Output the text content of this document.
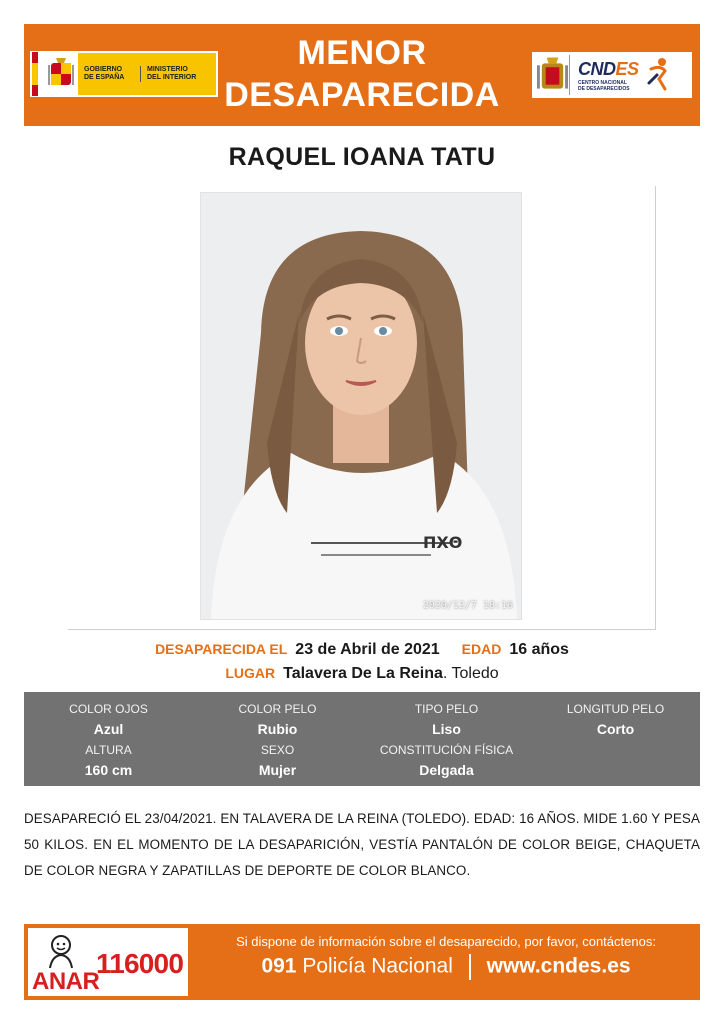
GOBIERNO
DE ESPAÑA
MINISTERIO
DEL INTERIOR
MENOR
DESAPARECIDA
CNDES
CENTRO NACIONAL
DE DESAPARECIDOS
RAQUEL IOANA TATU
ΠΧΘ
2020/12/7 18:16
DESAPARECIDA EL 23 de Abril de 2021 EDAD 16 años
LUGAR Talavera De La Reina. Toledo
COLOR OJOS
Azul
COLOR PELO
Rubio
TIPO PELO
Liso
LONGITUD PELO
Corto
ALTURA
160 cm
SEXO
Mujer
CONSTITUCIÓN FÍSICA
Delgada
DESAPARECIÓ EL 23/04/2021. EN TALAVERA DE LA REINA (TOLEDO). EDAD: 16 AÑOS. MIDE 1.60 Y PESA 50 KILOS. EN EL MOMENTO DE LA DESAPARICIÓN, VESTÍA PANTALÓN DE COLOR BEIGE, CHAQUETA DE COLOR NEGRA Y ZAPATILLAS DE DEPORTE DE COLOR BLANCO.
ANAR
116000
Si dispone de información sobre el desaparecido, por favor, contáctenos:
091 Policía Nacional www.cndes.es
